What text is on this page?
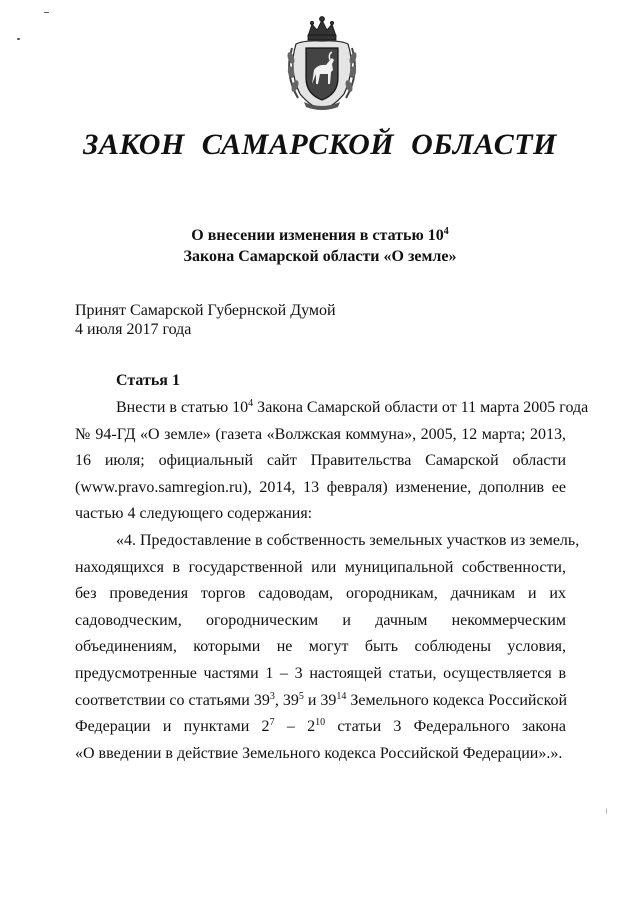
ЗАКОН САМАРСКОЙ ОБЛАСТИ
О внесении изменения в статью $10^4$
Закона Самарской области «О земле»
Принят Самарской Губернской Думой
4 июля 2017 года
Статья 1
Внести в статью $10^4$ Закона Самарской области от 11 марта 2005 года
№ 94-ГД «О земле» (газета «Волжская коммуна», 2005, 12 марта; 2013,
16 июля; официальный сайт Правительства Самарской области
(www.pravo.samregion.ru), 2014, 13 февраля) изменение, дополнив ее
частью 4 следующего содержания:
«4. Предоставление в собственность земельных участков из земель,
находящихся в государственной или муниципальной собственности,
без проведения торгов садоводам, огородникам, дачникам и их
садоводческим, огородническим и дачным некоммерческим
объединениям, которыми не могут быть соблюдены условия,
предусмотренные частями 1 – 3 настоящей статьи, осуществляется в
соответствии со статьями $39^3$, $39^5$ и $39^{14}$ Земельного кодекса Российской
Федерации и пунктами $2^7 - 2^{10}$ статьи 3 Федерального закона
«О введении в действие Земельного кодекса Российской Федерации».».
